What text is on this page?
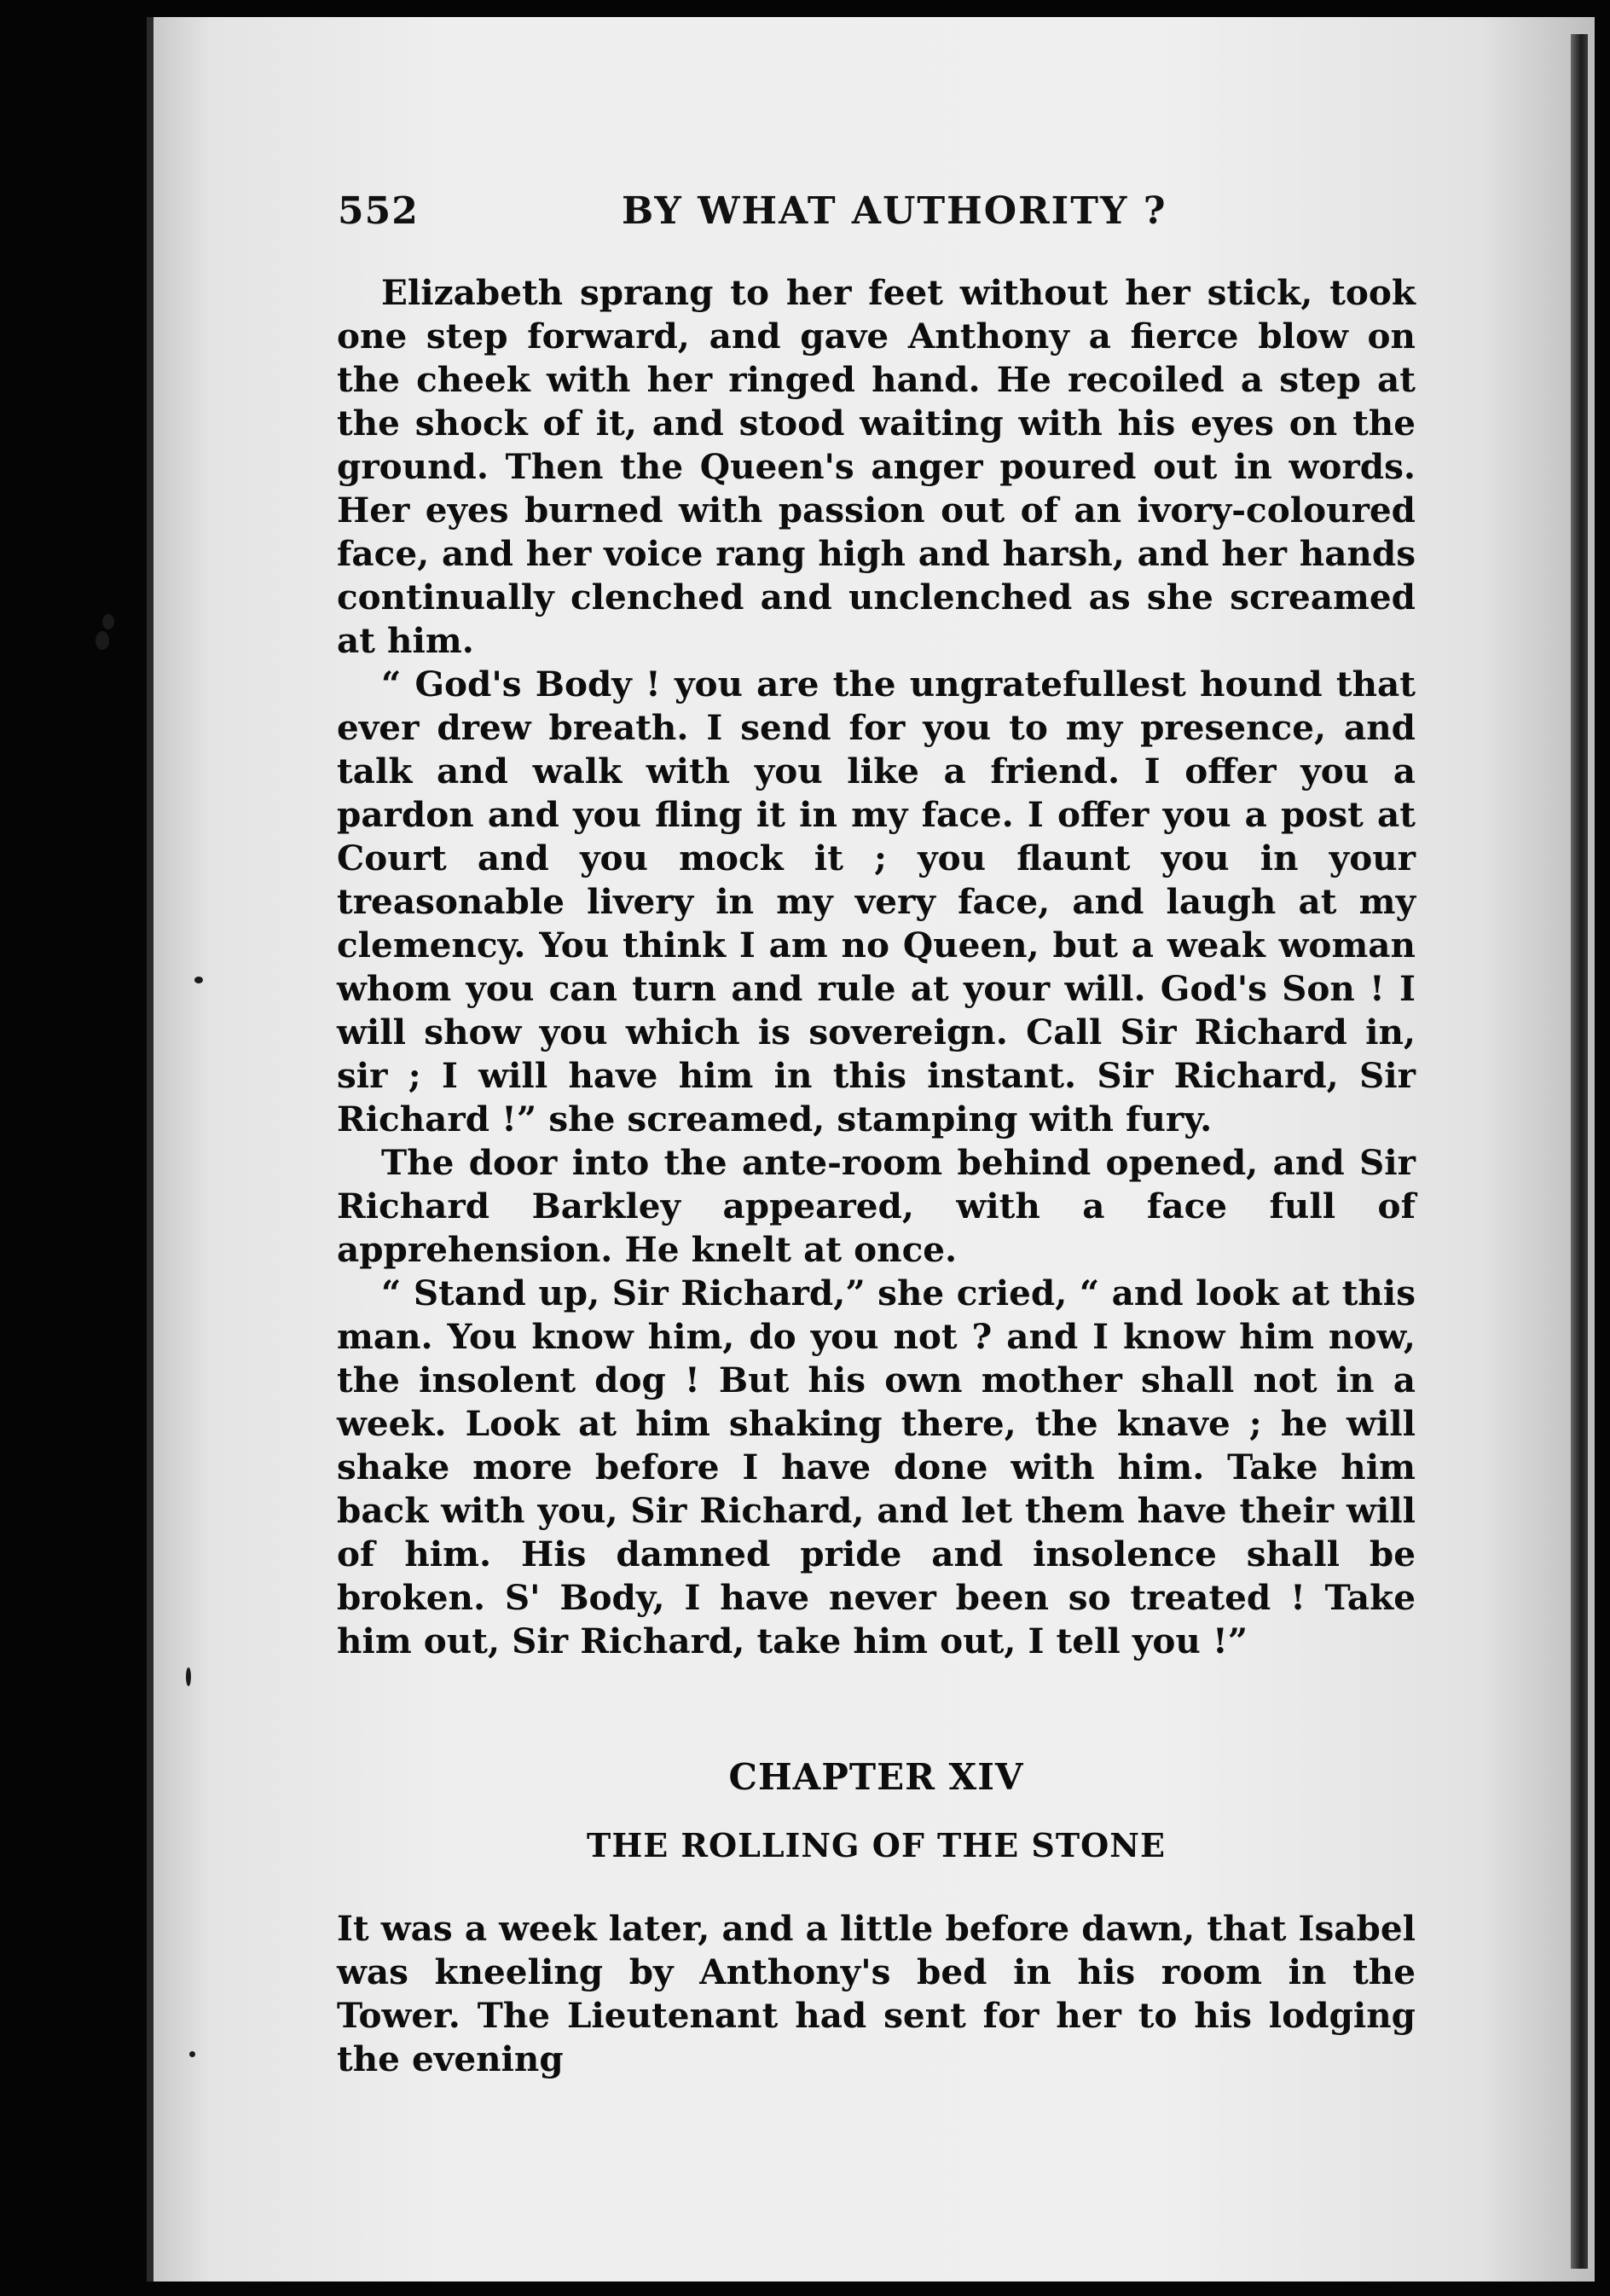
552	BY WHAT AUTHORITY ?

Elizabeth sprang to her feet without her stick, took one step forward, and gave Anthony a fierce blow on the cheek with her ringed hand. He recoiled a step at the shock of it, and stood waiting with his eyes on the ground. Then the Queen's anger poured out in words. Her eyes burned with passion out of an ivory-coloured face, and her voice rang high and harsh, and her hands continually clenched and unclenched as she screamed at him.

“ God's Body ! you are the ungratefullest hound that ever drew breath. I send for you to my presence, and talk and walk with you like a friend. I offer you a pardon and you fling it in my face. I offer you a post at Court and you mock it ; you flaunt you in your treasonable livery in my very face, and laugh at my clemency. You think I am no Queen, but a weak woman whom you can turn and rule at your will. God's Son ! I will show you which is sovereign. Call Sir Richard in, sir ; I will have him in this instant. Sir Richard, Sir Richard !” she screamed, stamping with fury.

The door into the ante-room behind opened, and Sir Richard Barkley appeared, with a face full of apprehension. He knelt at once.

“ Stand up, Sir Richard,” she cried, “ and look at this man. You know him, do you not ? and I know him now, the insolent dog ! But his own mother shall not in a week. Look at him shaking there, the knave ; he will shake more before I have done with him. Take him back with you, Sir Richard, and let them have their will of him. His damned pride and insolence shall be broken. S' Body, I have never been so treated ! Take him out, Sir Richard, take him out, I tell you !”

CHAPTER XIV
THE ROLLING OF THE STONE

It was a week later, and a little before dawn, that Isabel was kneeling by Anthony's bed in his room in the Tower. The Lieutenant had sent for her to his lodging the evening
